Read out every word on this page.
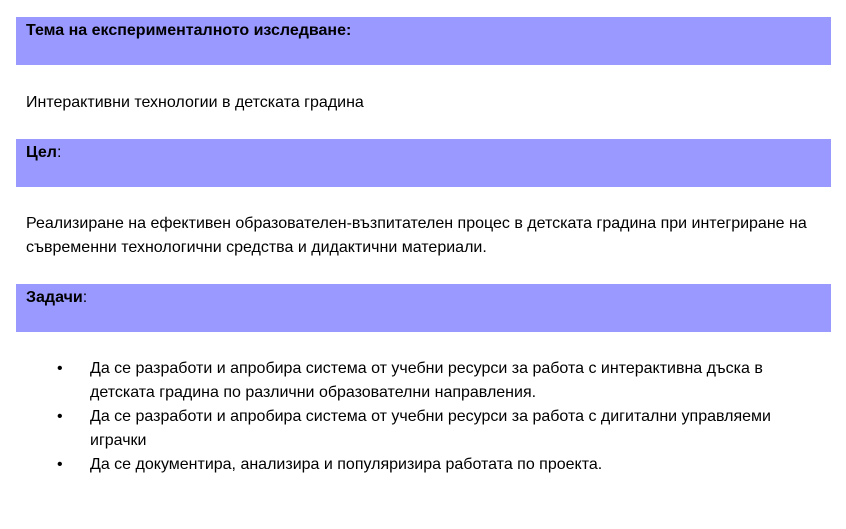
Тема на експерименталното изследване:
Интерактивни технологии в детската градина
Цел:
Реализиране на ефективен образователен-възпитателен процес в детската градина при интегриране на съвременни технологични средства и дидактични материали.
Задачи:
• Да се разработи и апробира система от учебни ресурси за работа с интерактивна дъска в детската градина по различни образователни направления.
• Да се разработи и апробира система от учебни ресурси за работа с дигитални управляеми играчки
• Да се документира, анализира и популяризира работата по проекта.
